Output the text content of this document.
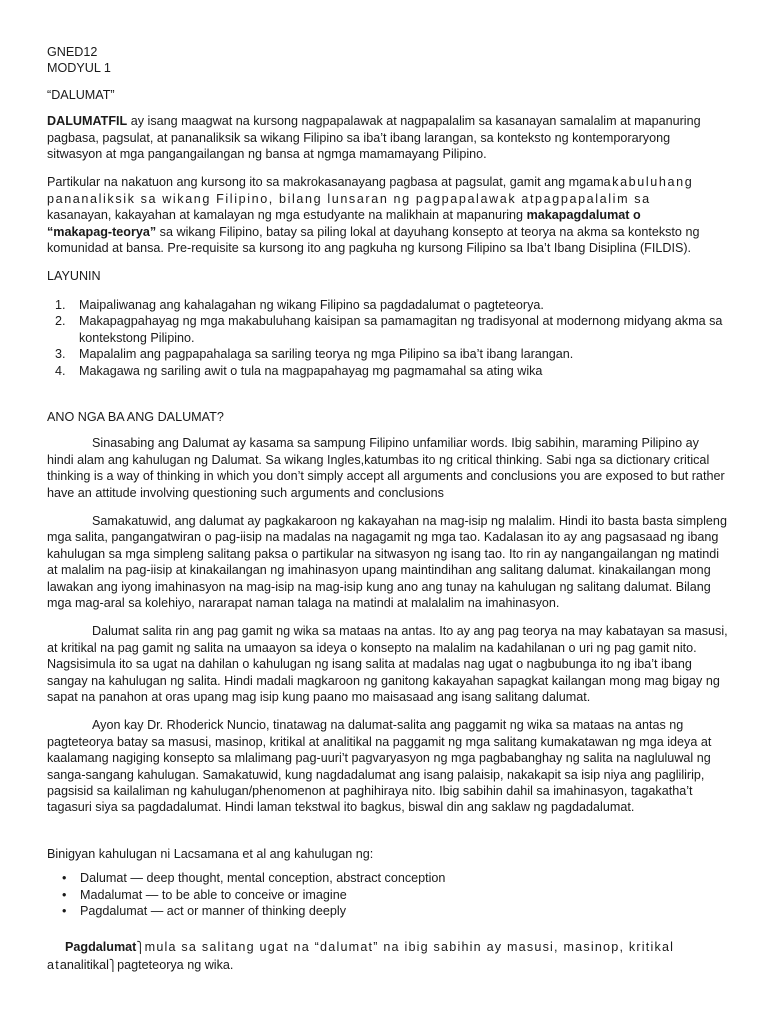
GNED12

MODYUL 1

“DALUMAT”

DALUMATFIL ay isang maagwat na kursong nagpapalawak at nagpapalalim sa kasanayan samalalim at mapanuring pagbasa, pagsulat, at pananaliksik sa wikang Filipino sa iba’t ibang larangan, sa konteksto ng kontemporaryong sitwasyon at mga pangangailangan ng bansa at ngmga mamamayang Pilipino.

Partikular na nakatuon ang kursong ito sa makrokasanayang pagbasa at pagsulat, gamit ang mgamakabuluhang
pananaliksik sa wikang Filipino, bilang lunsaran ng pagpapalawak atpagpapalalim sa
kasanayan, kakayahan at kamalayan ng mga estudyante na malikhain at mapanuring makapagdalumat o
“makapag-teorya” sa wikang Filipino, batay sa piling lokal at dayuhang konsepto at teorya na akma sa konteksto ng komunidad at bansa. Pre-requisite sa kursong ito ang pagkuha ng kursong Filipino sa Iba’t Ibang Disiplina (FILDIS).

LAYUNIN

1.	Maipaliwanag ang kahalagahan ng wikang Filipino sa pagdadalumat o pagteteorya.
2.	Makapagpahayag ng mga makabuluhang kaisipan sa pamamagitan ng tradisyonal at modernong midyang akma sa kontekstong Pilipino.
3.	Mapalalim ang pagpapahalaga sa sariling teorya ng mga Pilipino sa iba’t ibang larangan.
4.	Makagawa ng sariling awit o tula na magpapahayag mg pagmamahal sa ating wika

ANO NGA BA ANG DALUMAT?

Sinasabing ang Dalumat ay kasama sa sampung Filipino unfamiliar words. Ibig sabihin, maraming Pilipino ay hindi alam ang kahulugan ng Dalumat. Sa wikang Ingles,katumbas ito ng critical thinking. Sabi nga sa dictionary critical thinking is a way of thinking in which you don’t simply accept all arguments and conclusions you are exposed to but rather have an attitude involving questioning such arguments and conclusions

Samakatuwid, ang dalumat ay pagkakaroon ng kakayahan na mag-isip ng malalim. Hindi ito basta basta simpleng mga salita, pangangatwiran o pag-iisip na madalas na nagagamit ng mga tao. Kadalasan ito ay ang pagsasaad ng ibang kahulugan sa mga simpleng salitang paksa o partikular na sitwasyon ng isang tao. Ito rin ay nangangailangan ng matindi at malalim na pag-iisip at kinakailangan ng imahinasyon upang maintindihan ang salitang dalumat. kinakailangan mong lawakan ang iyong imahinasyon na mag-isip na mag-isip kung ano ang tunay na kahulugan ng salitang dalumat. Bilang mga mag-aral sa kolehiyo, nararapat naman talaga na matindi at malalalim na imahinasyon.

Dalumat salita rin ang pag gamit ng wika sa mataas na antas. Ito ay ang pag teorya na may kabatayan sa masusi, at kritikal na pag gamit ng salita na umaayon sa ideya o konsepto na malalim na kadahilanan o uri ng pag gamit nito. Nagsisimula ito sa ugat na dahilan o kahulugan ng isang salita at madalas nag ugat o nagbubunga ito ng iba’t ibang sangay na kahulugan ng salita. Hindi madali magkaroon ng ganitong kakayahan sapagkat kailangan mong mag bigay ng sapat na panahon at oras upang mag isip kung paano mo maisasaad ang isang salitang dalumat.

Ayon kay Dr. Rhoderick Nuncio, tinatawag na dalumat-salita ang paggamit ng wika sa mataas na antas ng pagteteorya batay sa masusi, masinop, kritikal at analitikal na paggamit ng mga salitang kumakatawan ng mga ideya at kaalamang nagiging konsepto sa mlalimang pag-uuri’t pagvaryasyon ng mga pagbabanghay ng salita na nagluluwal ng sanga-sangang kahulugan. Samakatuwid, kung nagdadalumat ang isang palaisip, nakakapit sa isip niya ang paglilirip, pagsisid sa kailaliman ng kahulugan/phenomenon at paghihiraya nito. Ibig sabihin dahil sa imahinasyon, tagakatha’t tagasuri siya sa pagdadalumat. Hindi laman tekstwal ito bagkus, biswal din ang saklaw ng pagdadalumat.

Binigyan kahulugan ni Lacsamana et al ang kahulugan ng:

•	Dalumat — deep thought, mental conception, abstract conception
•	Madalumat — to be able to conceive or imagine
•	Pagdalumat — act or manner of thinking deeply

Pagdalumat⎫mula sa salitang ugat na “dalumat” na ibig sabihin ay masusi, masinop, kritikal

atanalitikal⎫pagteteorya ng wika.
